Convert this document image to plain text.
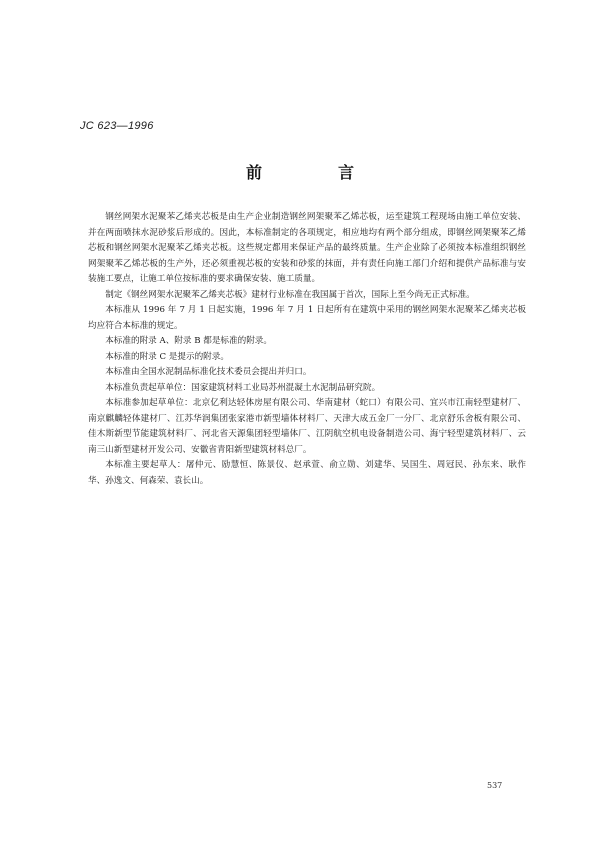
JC 623—1996
前　言

钢丝网架水泥聚苯乙烯夹芯板是由生产企业制造钢丝网架聚苯乙烯芯板，运至建筑工程现场由施工单位安装、并在两面喷抹水泥砂浆后形成的。因此，本标准制定的各项规定，相应地均有两个部分组成，即钢丝网架聚苯乙烯芯板和钢丝网架水泥聚苯乙烯夹芯板。这些规定都用来保证产品的最终质量。生产企业除了必须按本标准组织钢丝网架聚苯乙烯芯板的生产外，还必须重视芯板的安装和砂浆的抹面，并有责任向施工部门介绍和提供产品标准与安装施工要点，让施工单位按标准的要求确保安装、施工质量。

制定《钢丝网架水泥聚苯乙烯夹芯板》建材行业标准在我国属于首次，国际上至今尚无正式标准。

本标准从 1996 年 7 月 1 日起实施，1996 年 7 月 1 日起所有在建筑中采用的钢丝网架水泥聚苯乙烯夹芯板均应符合本标准的规定。

本标准的附录 A、附录 B 都是标准的附录。

本标准的附录 C 是提示的附录。

本标准由全国水泥制品标准化技术委员会提出并归口。

本标准负责起草单位：国家建筑材料工业局苏州混凝土水泥制品研究院。

本标准参加起草单位：北京亿利达轻体房屋有限公司、华南建材（蛇口）有限公司、宜兴市江南轻型建材厂、南京麒麟轻体建材厂、江苏华润集团张家港市新型墙体材料厂、天津大成五金厂一分厂、北京舒乐舍板有限公司、佳木斯新型节能建筑材料厂、河北省天源集团轻型墙体厂、江阴航空机电设备制造公司、海宁轻型建筑材料厂、云南三山新型建材开发公司、安徽省青阳新型建筑材料总厂。

本标准主要起草人：屠仲元、励慧恒、陈景仪、赵承萱、俞立勋、刘建华、吴国生、周冠民、孙东来、耿作华、孙逸文、何森荣、袁长山。

537
